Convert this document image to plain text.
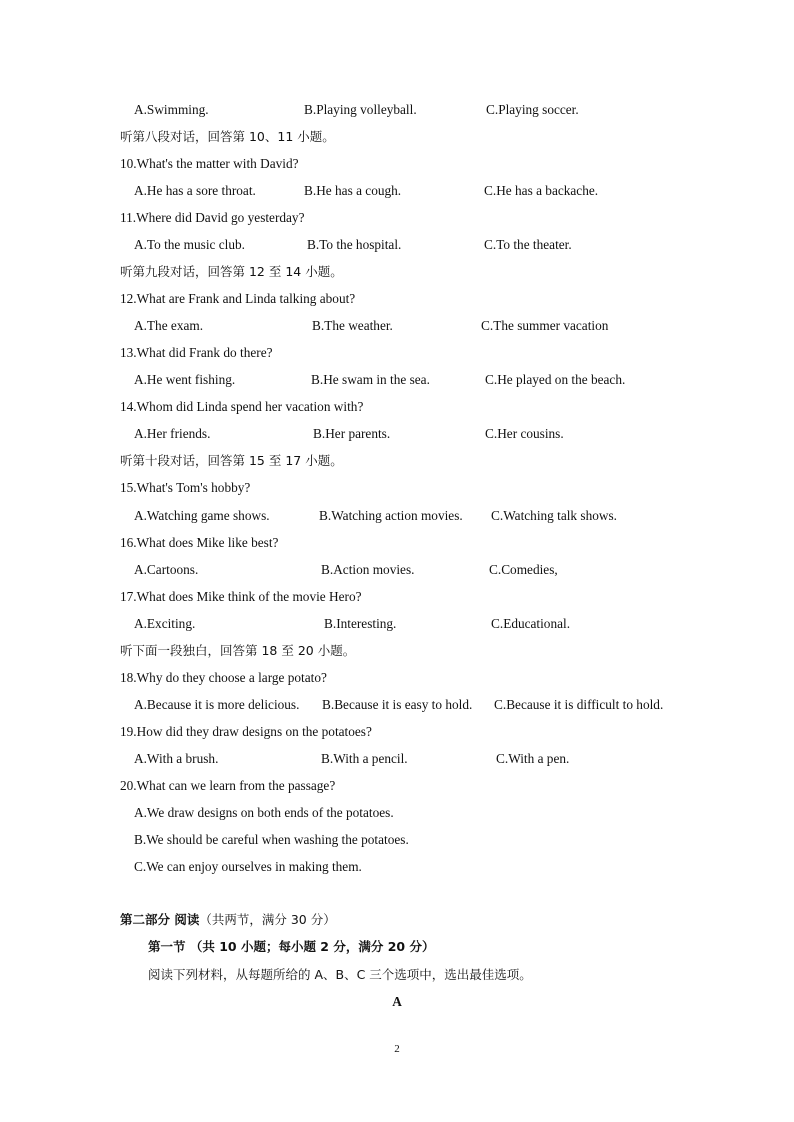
A.Swimming.	B.Playing volleyball.	C.Playing soccer.
听第八段对话，回答第 10、11 小题。
10.What's the matter with David?
A.He has a sore throat.	B.He has a cough.	C.He has a backache.
11.Where did David go yesterday?
A.To the music club.	B.To the hospital.	C.To the theater.
听第九段对话，回答第 12 至 14 小题。
12.What are Frank and Linda talking about?
A.The exam.	B.The weather.	C.The summer vacation
13.What did Frank do there?
A.He went fishing.	B.He swam in the sea.	C.He played on the beach.
14.Whom did Linda spend her vacation with?
A.Her friends.	B.Her parents.	C.Her cousins.
听第十段对话，回答第 15 至 17 小题。
15.What's Tom's hobby?
A.Watching game shows.	B.Watching action movies. C.Watching talk shows.
16.What does Mike like best?
A.Cartoons.	B.Action movies.	C.Comedies,
17.What does Mike think of the movie Hero?
A.Exciting.	B.Interesting.	C.Educational.
听下面一段独白，回答第 18 至 20 小题。
18.Why do they choose a large potato?
A.Because it is more delicious. B.Because it is easy to hold. C.Because it is difficult to hold.
19.How did they draw designs on the potatoes?
A.With a brush.	B.With a pencil.	C.With a pen.
20.What can we learn from the passage?
A.We draw designs on both ends of the potatoes.
B.We should be careful when washing the potatoes.
C.We can enjoy ourselves in making them.
第二部分 阅读（共两节，满分 30 分）
第一节 （共 10 小题；每小题 2 分，满分 20 分）
阅读下列材料，从每题所给的 A、B、C 三个选项中，选出最佳选项。
A
2
